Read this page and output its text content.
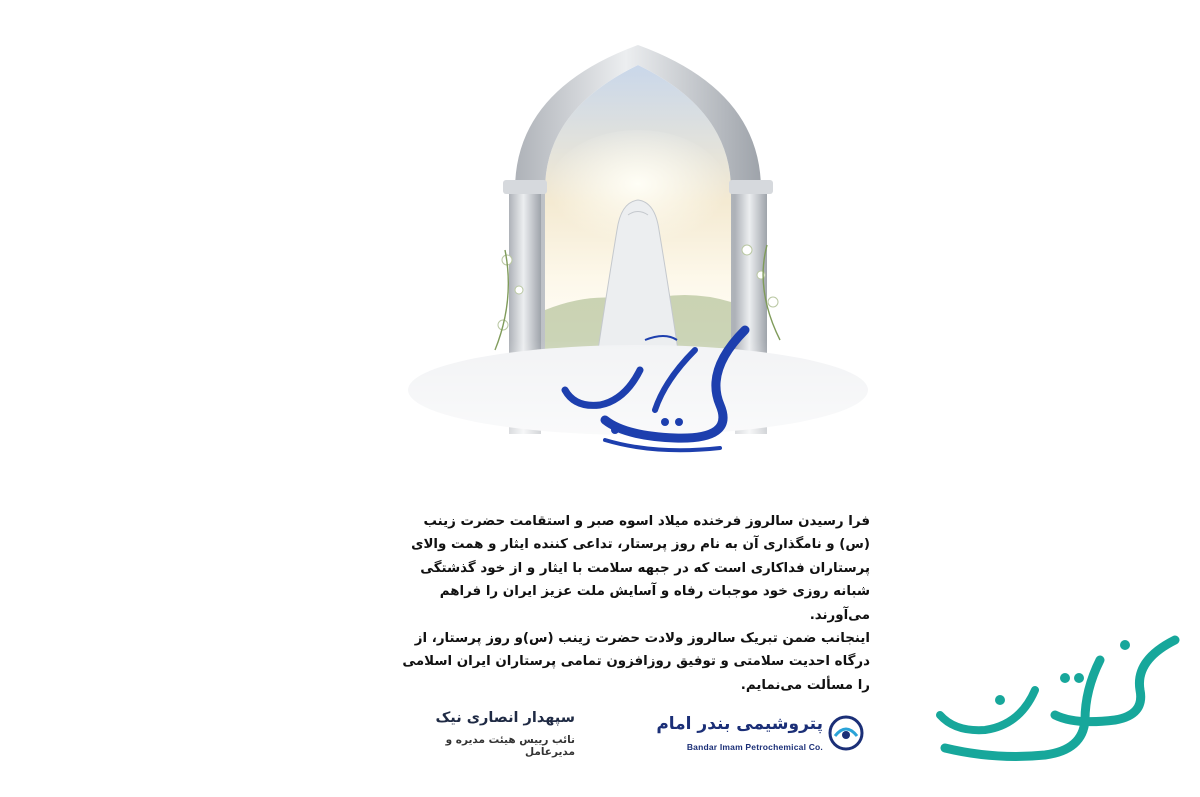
فرا رسیدن سالروز فرخنده میلاد اسوه صبر و استقامت حضرت زینب (س) و نامگذاری آن به نام روز پرستار، تداعی کننده ایثار و همت والای پرستاران فداکاری است که در جبهه سلامت با ایثار و از خود گذشتگی شبانه روزی خود موجبات رفاه و آسایش ملت عزیز ایران را فراهم می‌آورند.

اینجانب ضمن تبریک سالروز ولادت حضرت زینب (س)و روز پرستار، از درگاه احدیت سلامتی و توفیق روزافزون تمامی پرستاران ایران اسلامی را مسألت می‌نمایم.

سپهدار انصاری نیک

نائب رییس هیئت مدیره و مدیرعامل

پتروشیمی بندر امام
Bandar Imam Petrochemical Co.
